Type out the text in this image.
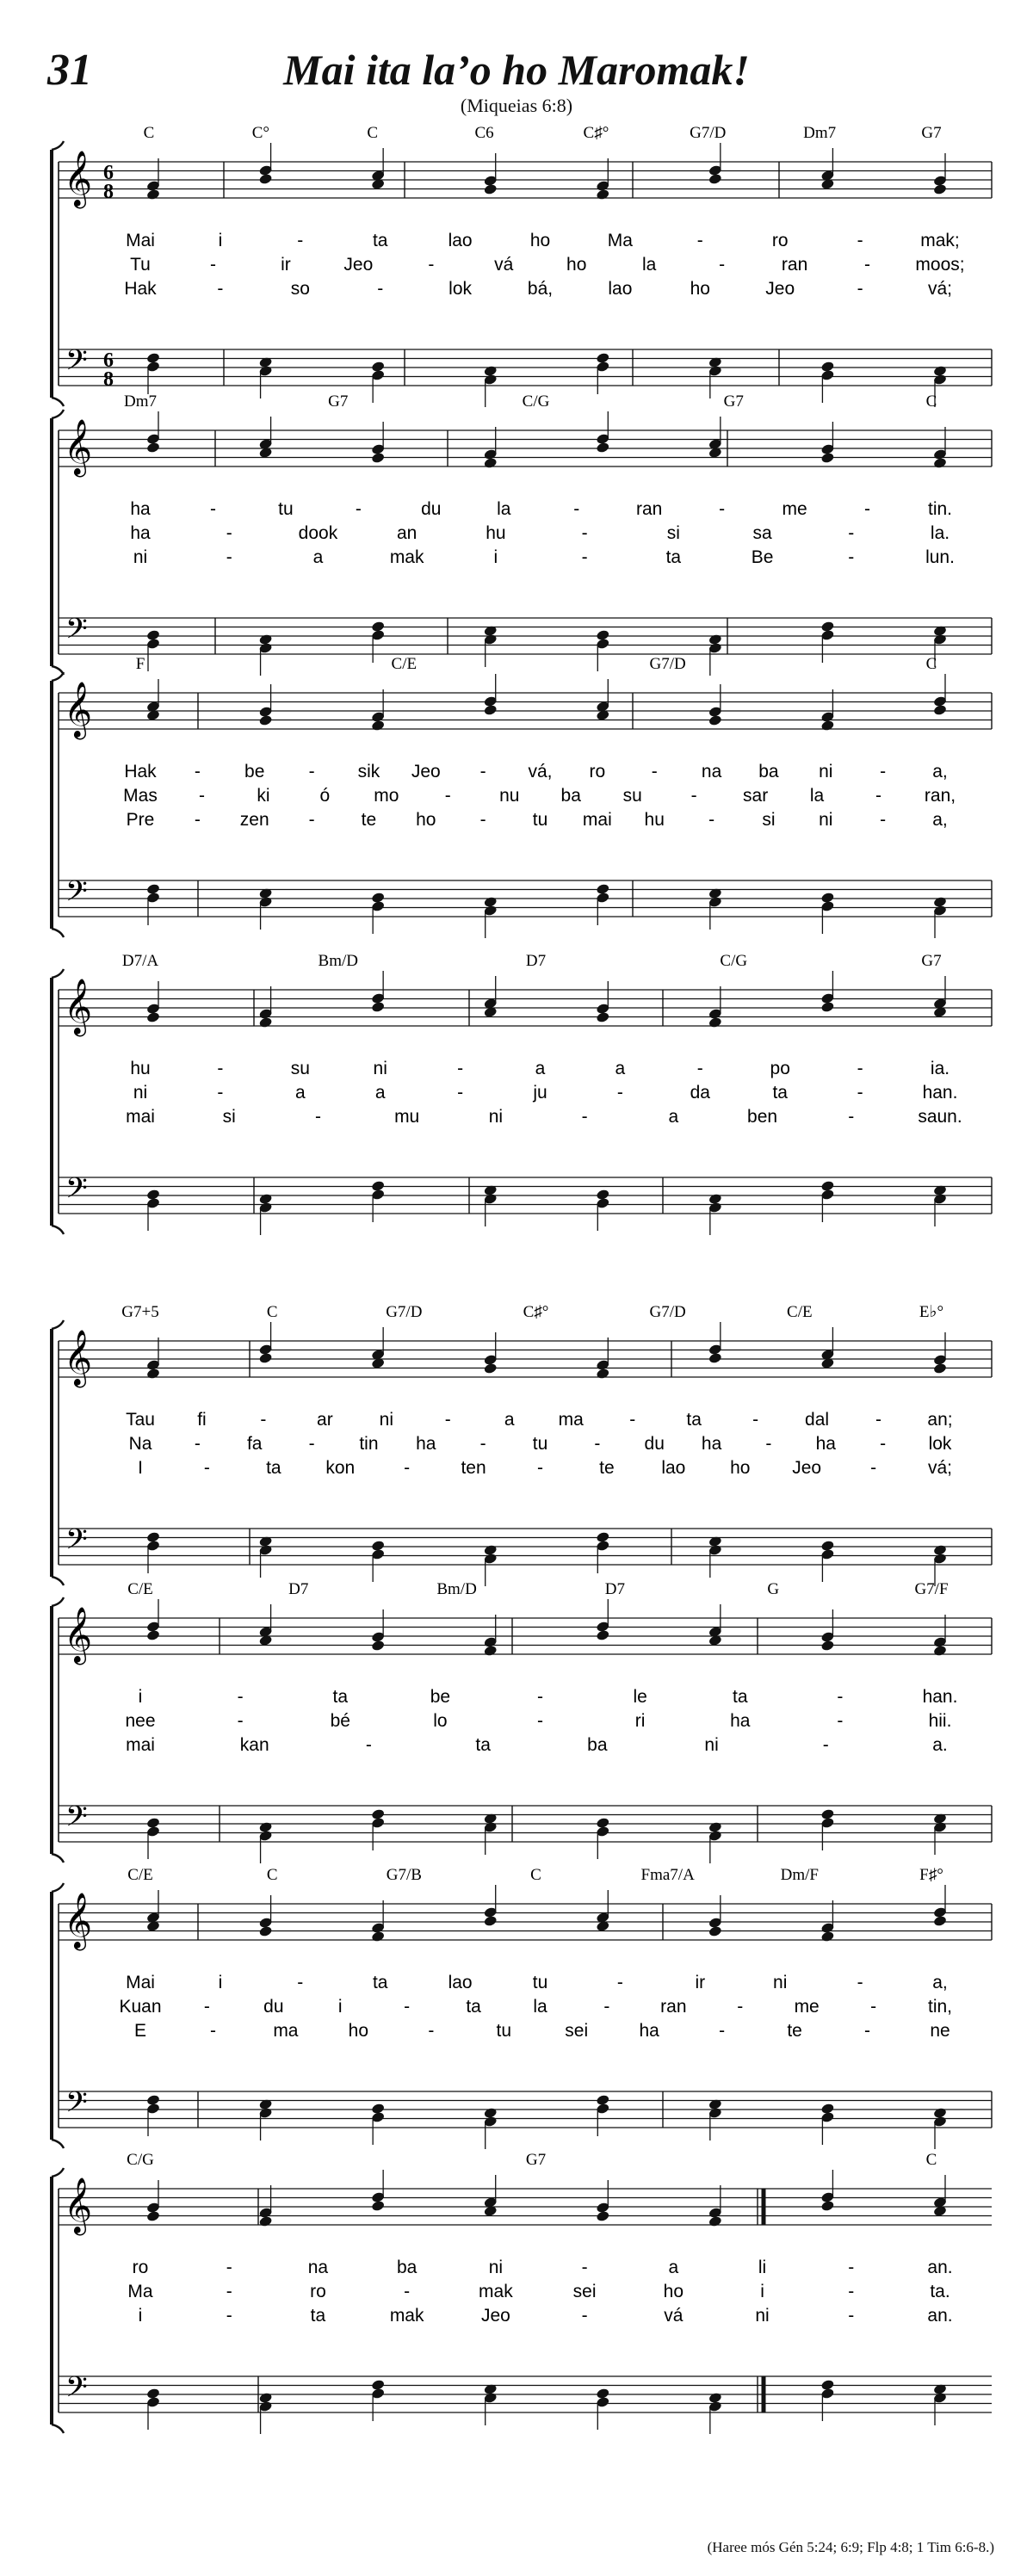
31	Mai ita la’o ho Maromak!
(Miqueias 6:8)
𝄞
𝄢
6
8
6
8
C	C°	C	C6	C♯°	G7/D	Dm7	G7
Mai	i	-	ta	lao	ho	Ma	-	ro	-	mak;
Tu	-	ir	Jeo	-	vá	ho	la	-	ran	- moos;
Hak	-	so	-	lok	bá,	lao	ho	Jeo	-	vá;
𝄞
𝄢
Dm7	G7	C/G	G7	C
ha	-	tu	-	du	la	-	ran	-	me	-	tin.
ha	-	dook	an	hu	-	si	sa	-	la.
ni	-	a	mak	i	-	ta	Be	-	lun.
𝄞
𝄢
F	C/E	G7/D	C
Hak - be - sik Jeo - vá, ro	- na ba ni	-	a,
Mas -	ki	ó mo	-	nu ba su	-	sar la	- ran,
Pre - zen -	te ho -	tu mai hu -	si ni	-	a,
𝄞
𝄢
D7/A	Bm/D	D7	C/G	G7
hu	-	su	ni	-	a	a	-	po	-	ia.
ni	-	a	a	-	ju	-	da	ta	-	han.
mai	si	-	mu	ni	-	a	ben	-	saun.
𝄞
𝄢
G7+5	C	G7/D	C♯°	G7/D	C/E	E♭°
Tau fi	-	ar	ni	-	a ma	-	ta	-	dal	-	an;
Na -	fa	- tin ha -	tu	- du ha - ha - lok
I	-	ta kon	-	ten	-	te	lao ho Jeo	-	vá;
𝄞
𝄢
C/E	D7	Bm/D	D7	G	G7/F
i	-	ta	be	-	le	ta	-	han.
nee	-	bé	lo	-	ri	ha	-	hii.
mai	kan	-	ta	ba	ni	-	a.
𝄞
𝄢
C/E	C	G7/B	C	Fma7/A	Dm/F	F♯°
Mai	i	-	ta	lao	tu	-	ir	ni	-	a,
Kuan -	du	i	-	ta	la	-	ran	-	me	-	tin,
E	-	ma	ho	-	tu	sei	ha	-	te	-	ne
𝄞
𝄢
C/G	G7	C
ro	-	na	ba	ni	-	a	li	-	an.
Ma	-	ro	-	mak	sei	ho	i	-	ta.
i	-	ta	mak	Jeo	-	vá	ni	-	an.
(Haree mós Gén 5:24; 6:9; Flp 4:8; 1 Tim 6:6-8.)
